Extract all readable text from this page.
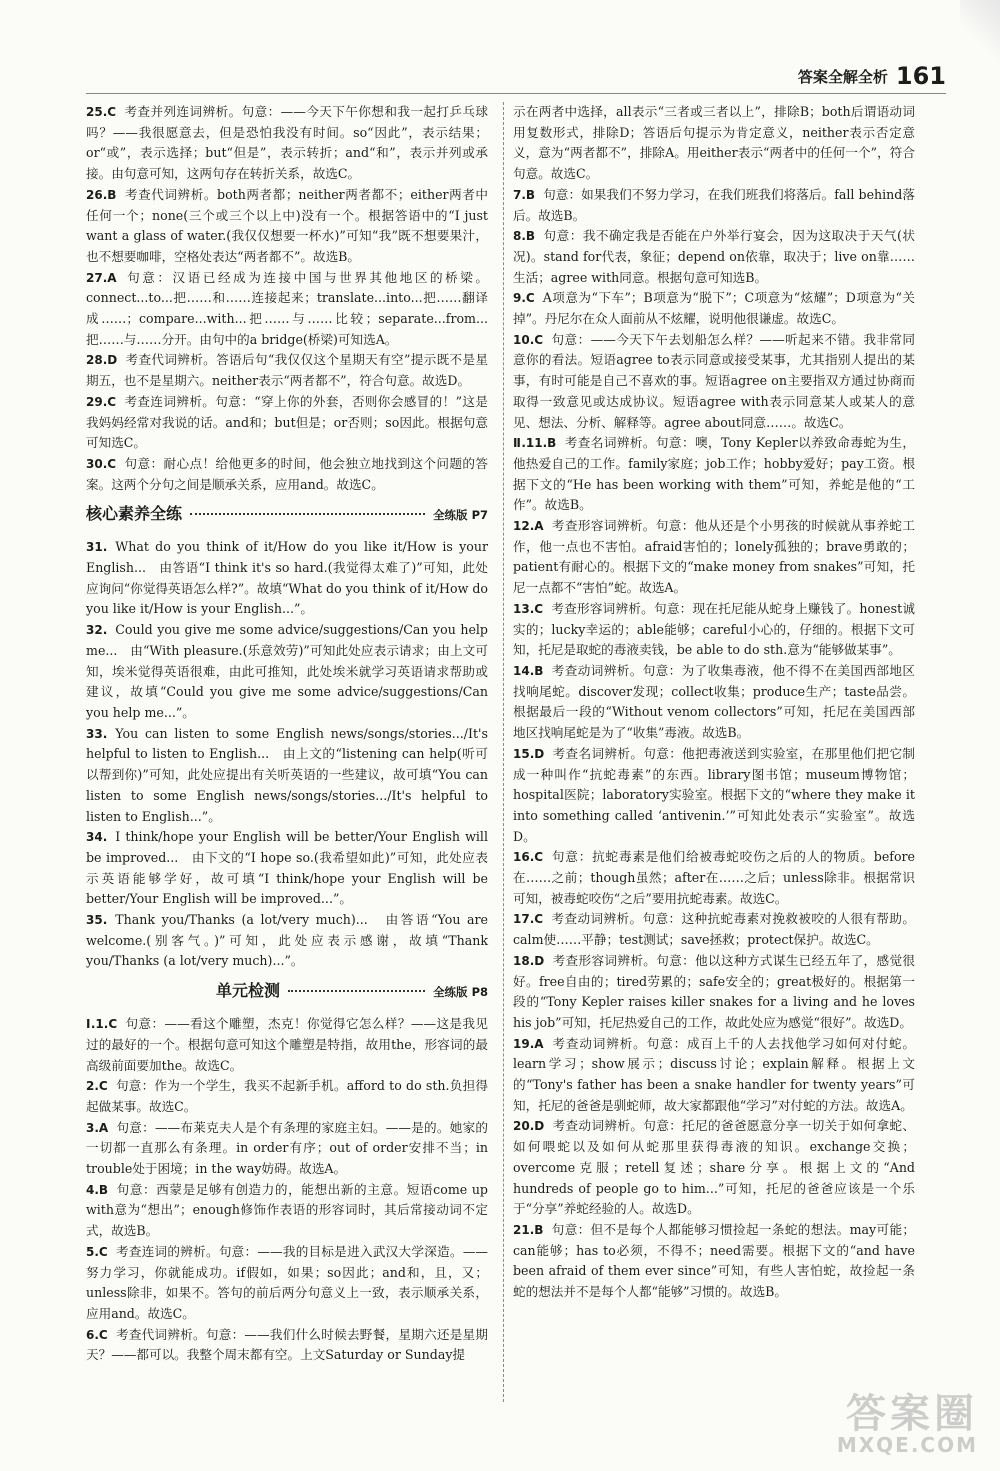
答案全解全析 161

25.C 考查并列连词辨析。句意：——今天下午你想和我一起打乒乓球吗？——我很愿意去，但是恐怕我没有时间。so“因此”，表示结果；or“或”，表示选择；but“但是”，表示转折；and“和”，表示并列或承接。由句意可知，这两句存在转折关系，故选C。

26.B 考查代词辨析。both两者都；neither两者都不；either两者中任何一个；none(三个或三个以上中)没有一个。根据答语中的“I just want a glass of water.(我仅仅想要一杯水)”可知“我”既不想要果汁，也不想要咖啡，空格处表达“两者都不”。故选B。

27.A 句意：汉语已经成为连接中国与世界其他地区的桥梁。connect...to...把……和……连接起来；translate...into...把……翻译成……；compare...with...把……与……比较；separate...from...把……与……分开。由句中的a bridge(桥梁)可知选A。

28.D 考查代词辨析。答语后句“我仅仅这个星期天有空”提示既不是星期五，也不是星期六。neither表示“两者都不”，符合句意。故选D。

29.C 考查连词辨析。句意：“穿上你的外套，否则你会感冒的！”这是我妈妈经常对我说的话。and和；but但是；or否则；so因此。根据句意可知选C。

30.C 句意：耐心点！给他更多的时间，他会独立地找到这个问题的答案。这两个分句之间是顺承关系，应用and。故选C。

核心素养全练	全练版 P7

31. What do you think of it/How do you like it/How is your English...　由答语“I think it's so hard.(我觉得太难了)”可知，此处应询问“你觉得英语怎么样?”。故填“What do you think of it/How do you like it/How is your English...”。

32. Could you give me some advice/suggestions/Can you help me...　由“With pleasure.(乐意效劳)”可知此处应表示请求；由上文可知，埃米觉得英语很难，由此可推知，此处埃米就学习英语请求帮助或建议，故填“Could you give me some advice/suggestions/Can you help me...”。

33. You can listen to some English news/songs/stories.../It's helpful to listen to English...　由上文的“listening can help(听可以帮到你)”可知，此处应提出有关听英语的一些建议，故可填“You can listen to some English news/songs/stories.../It's helpful to listen to English...”。

34. I think/hope your English will be better/Your English will be improved...　由下文的“I hope so.(我希望如此)”可知，此处应表示英语能够学好，故可填“I think/hope your English will be better/Your English will be improved...”。

35. Thank you/Thanks (a lot/very much)...　由答语“You are welcome.(别客气。)”可知，此处应表示感谢，故填“Thank you/Thanks (a lot/very much)...”。

单元检测	全练版 P8

Ⅰ.1.C 句意：——看这个雕塑，杰克！你觉得它怎么样？——这是我见过的最好的一个。根据句意可知这个雕塑是特指，故用the，形容词的最高级前面要加the。故选C。

2.C 句意：作为一个学生，我买不起新手机。afford to do sth.负担得起做某事。故选C。

3.A 句意：——布莱克夫人是个有条理的家庭主妇。——是的。她家的一切都一直那么有条理。in order有序；out of order安排不当；in trouble处于困境；in the way妨碍。故选A。

4.B 句意：西蒙是足够有创造力的，能想出新的主意。短语come up with意为“想出”；enough修饰作表语的形容词时，其后常接动词不定式，故选B。

5.C 考查连词的辨析。句意：——我的目标是进入武汉大学深造。——努力学习，你就能成功。if假如，如果；so因此；and和，且，又；unless除非，如果不。答句的前后两分句意义上一致，表示顺承关系，应用and。故选C。

6.C 考查代词辨析。句意：——我们什么时候去野餐，星期六还是星期天？——都可以。我整个周末都有空。上文Saturday or Sunday提

示在两者中选择，all表示“三者或三者以上”，排除B；both后谓语动词用复数形式，排除D；答语后句提示为肯定意义，neither表示否定意义，意为“两者都不”，排除A。用either表示“两者中的任何一个”，符合句意。故选C。

7.B 句意：如果我们不努力学习，在我们班我们将落后。fall behind落后。故选B。

8.B 句意：我不确定我是否能在户外举行宴会，因为这取决于天气(状况)。stand for代表，象征；depend on依靠，取决于；live on靠……生活；agree with同意。根据句意可知选B。

9.C A项意为“下车”；B项意为“脱下”；C项意为“炫耀”；D项意为“关掉”。丹尼尔在众人面前从不炫耀，说明他很谦虚。故选C。

10.C 句意：——今天下午去划船怎么样？——听起来不错。我非常同意你的看法。短语agree to表示同意或接受某事，尤其指别人提出的某事，有时可能是自己不喜欢的事。短语agree on主要指双方通过协商而取得一致意见或达成协议。短语agree with表示同意某人或某人的意见、想法、分析、解释等。agree about同意……。故选C。

Ⅱ.11.B 考查名词辨析。句意：噢，Tony Kepler以养致命毒蛇为生，他热爱自己的工作。family家庭；job工作；hobby爱好；pay工资。根据下文的“He has been working with them”可知，养蛇是他的“工作”。故选B。

12.A 考查形容词辨析。句意：他从还是个小男孩的时候就从事养蛇工作，他一点也不害怕。afraid害怕的；lonely孤独的；brave勇敢的；patient有耐心的。根据下文的“make money from snakes”可知，托尼一点都不“害怕”蛇。故选A。

13.C 考查形容词辨析。句意：现在托尼能从蛇身上赚钱了。honest诚实的；lucky幸运的；able能够；careful小心的，仔细的。根据下文可知，托尼是取蛇的毒液卖钱，be able to do sth.意为“能够做某事”。

14.B 考查动词辨析。句意：为了收集毒液，他不得不在美国西部地区找响尾蛇。discover发现；collect收集；produce生产；taste品尝。根据最后一段的“Without venom collectors”可知，托尼在美国西部地区找响尾蛇是为了“收集”毒液。故选B。

15.D 考查名词辨析。句意：他把毒液送到实验室，在那里他们把它制成一种叫作“抗蛇毒素”的东西。library图书馆；museum博物馆；hospital医院；laboratory实验室。根据下文的“where they make it into something called ‘antivenin.’”可知此处表示“实验室”。故选D。

16.C 句意：抗蛇毒素是他们给被毒蛇咬伤之后的人的物质。before在……之前；though虽然；after在……之后；unless除非。根据常识可知，被毒蛇咬伤“之后”要用抗蛇毒素。故选C。

17.C 考查动词辨析。句意：这种抗蛇毒素对挽救被咬的人很有帮助。calm使……平静；test测试；save拯救；protect保护。故选C。

18.D 考查形容词辨析。句意：他以这种方式谋生已经五年了，感觉很好。free自由的；tired劳累的；safe安全的；great极好的。根据第一段的“Tony Kepler raises killer snakes for a living and he loves his job”可知，托尼热爱自己的工作，故此处应为感觉“很好”。故选D。

19.A 考查动词辨析。句意：成百上千的人去找他学习如何对付蛇。learn学习；show展示；discuss讨论；explain解释。根据上文的“Tony's father has been a snake handler for twenty years”可知，托尼的爸爸是驯蛇师，故大家都跟他“学习”对付蛇的方法。故选A。

20.D 考查动词辨析。句意：托尼的爸爸愿意分享一切关于如何拿蛇、如何喂蛇以及如何从蛇那里获得毒液的知识。exchange交换；overcome克服；retell复述；share分享。根据上文的“And hundreds of people go to him...”可知，托尼的爸爸应该是一个乐于“分享”养蛇经验的人。故选D。

21.B 句意：但不是每个人都能够习惯捡起一条蛇的想法。may可能；can能够；has to必须，不得不；need需要。根据下文的“and have been afraid of them ever since”可知，有些人害怕蛇，故捡起一条蛇的想法并不是每个人都“能够”习惯的。故选B。

答案圈
MXQE.COM
